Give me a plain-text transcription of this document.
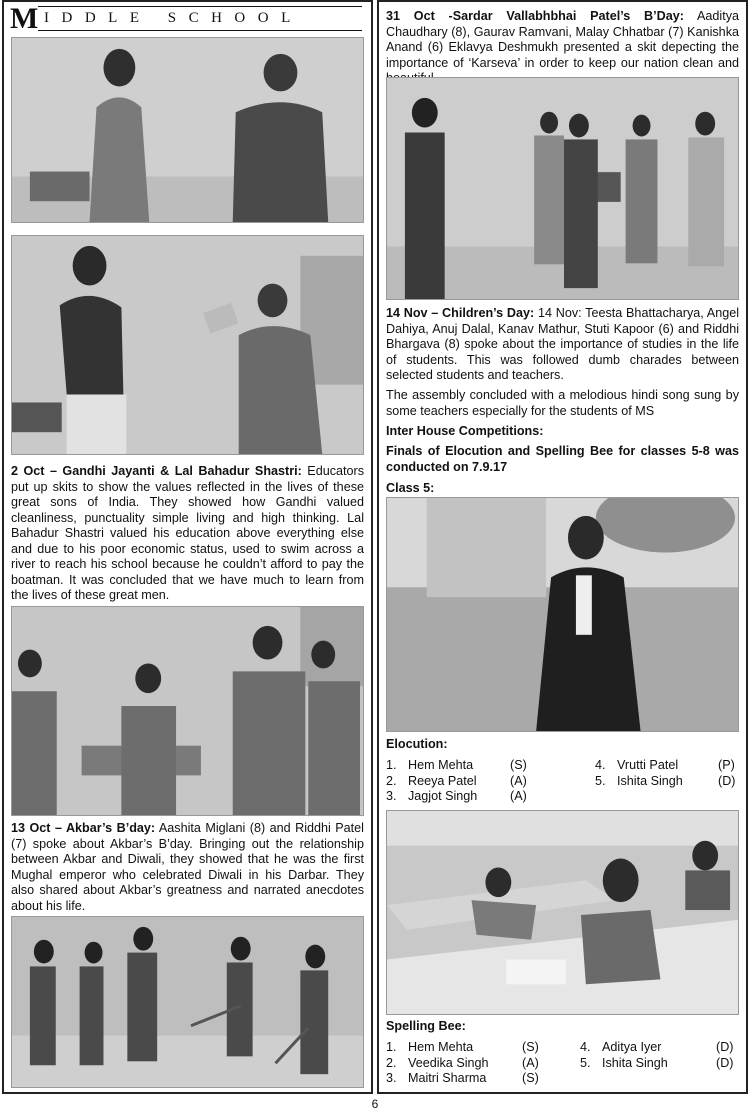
M IDDLE SCHOOL
2 Oct – Gandhi Jayanti & Lal Bahadur Shastri: Educators put up skits to show the values reflected in the lives of these great sons of India. They showed how Gandhi valued cleanliness, punctuality simple living and high thinking. Lal Bahadur Shastri valued his education above everything else and due to his poor economic status, used to swim across a river to reach his school because he couldn’t afford to pay the boatman. It was concluded that we have much to learn from the lives of these great men.
13 Oct – Akbar’s B’day: Aashita Miglani (8) and Riddhi Patel (7) spoke about Akbar’s B’day. Bringing out the relationship between Akbar and Diwali, they showed that he was the first Mughal emperor who celebrated Diwali in his Darbar. They also shared about Akbar’s greatness and narrated anecdotes about his life.
31 Oct -Sardar Vallabhbhai Patel’s B’Day: Aaditya Chaudhary (8), Gaurav Ramvani, Malay Chhatbar (7) Kanishka Anand (6) Eklavya Deshmukh presented a skit depecting the importance of ‘Karseva’ in order to keep our nation clean and
14 Nov – Children’s Day: 14 Nov: Teesta Bhattacharya, Angel Dahiya, Anuj Dalal, Kanav Mathur, Stuti Kapoor (6) and Riddhi Bhargava (8) spoke about the importance of studies in the life of students. This was followed dumb charades between selected students and teachers.
The assembly concluded with a melodious hindi song sung by some teachers especially for the students of MS
Inter House Competitions:
Finals of Elocution and Spelling Bee for classes 5-8 was conducted on 7.9.17
Class 5:
Elocution:
1. Hem Mehta	(S)
2. Reeya Patel	(A)
3. Jagjot Singh	(A)
4. Vrutti Patel	(P)
5. Ishita Singh	(D)
Spelling Bee:
1. Hem Mehta	(S)
2. Veedika Singh	(A)
3. Maitri Sharma	(S)
4. Aditya Iyer	(D)
5. Ishita Singh	(D)
6
